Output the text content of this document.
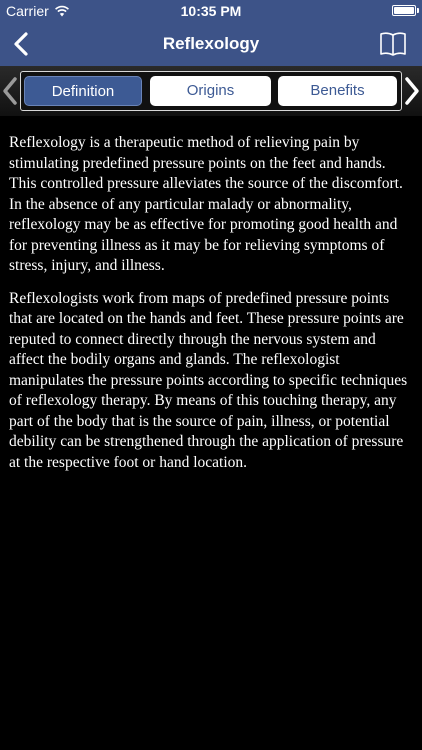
Carrier	10:35 PM
Reflexology
Definition	Origins	Benefits

Reflexology is a therapeutic method of relieving pain by stimulating predefined pressure points on the feet and hands. This controlled pressure alleviates the source of the discomfort. In the absence of any particular malady or abnormality, reflexology may be as effective for promoting good health and for preventing illness as it may be for relieving symptoms of stress, injury, and illness.

Reflexologists work from maps of predefined pressure points that are located on the hands and feet. These pressure points are reputed to connect directly through the nervous system and affect the bodily organs and glands. The reflexologist manipulates the pressure points according to specific techniques of reflexology therapy. By means of this touching therapy, any part of the body that is the source of pain, illness, or potential debility can be strengthened through the application of pressure at the respective foot or hand location.
